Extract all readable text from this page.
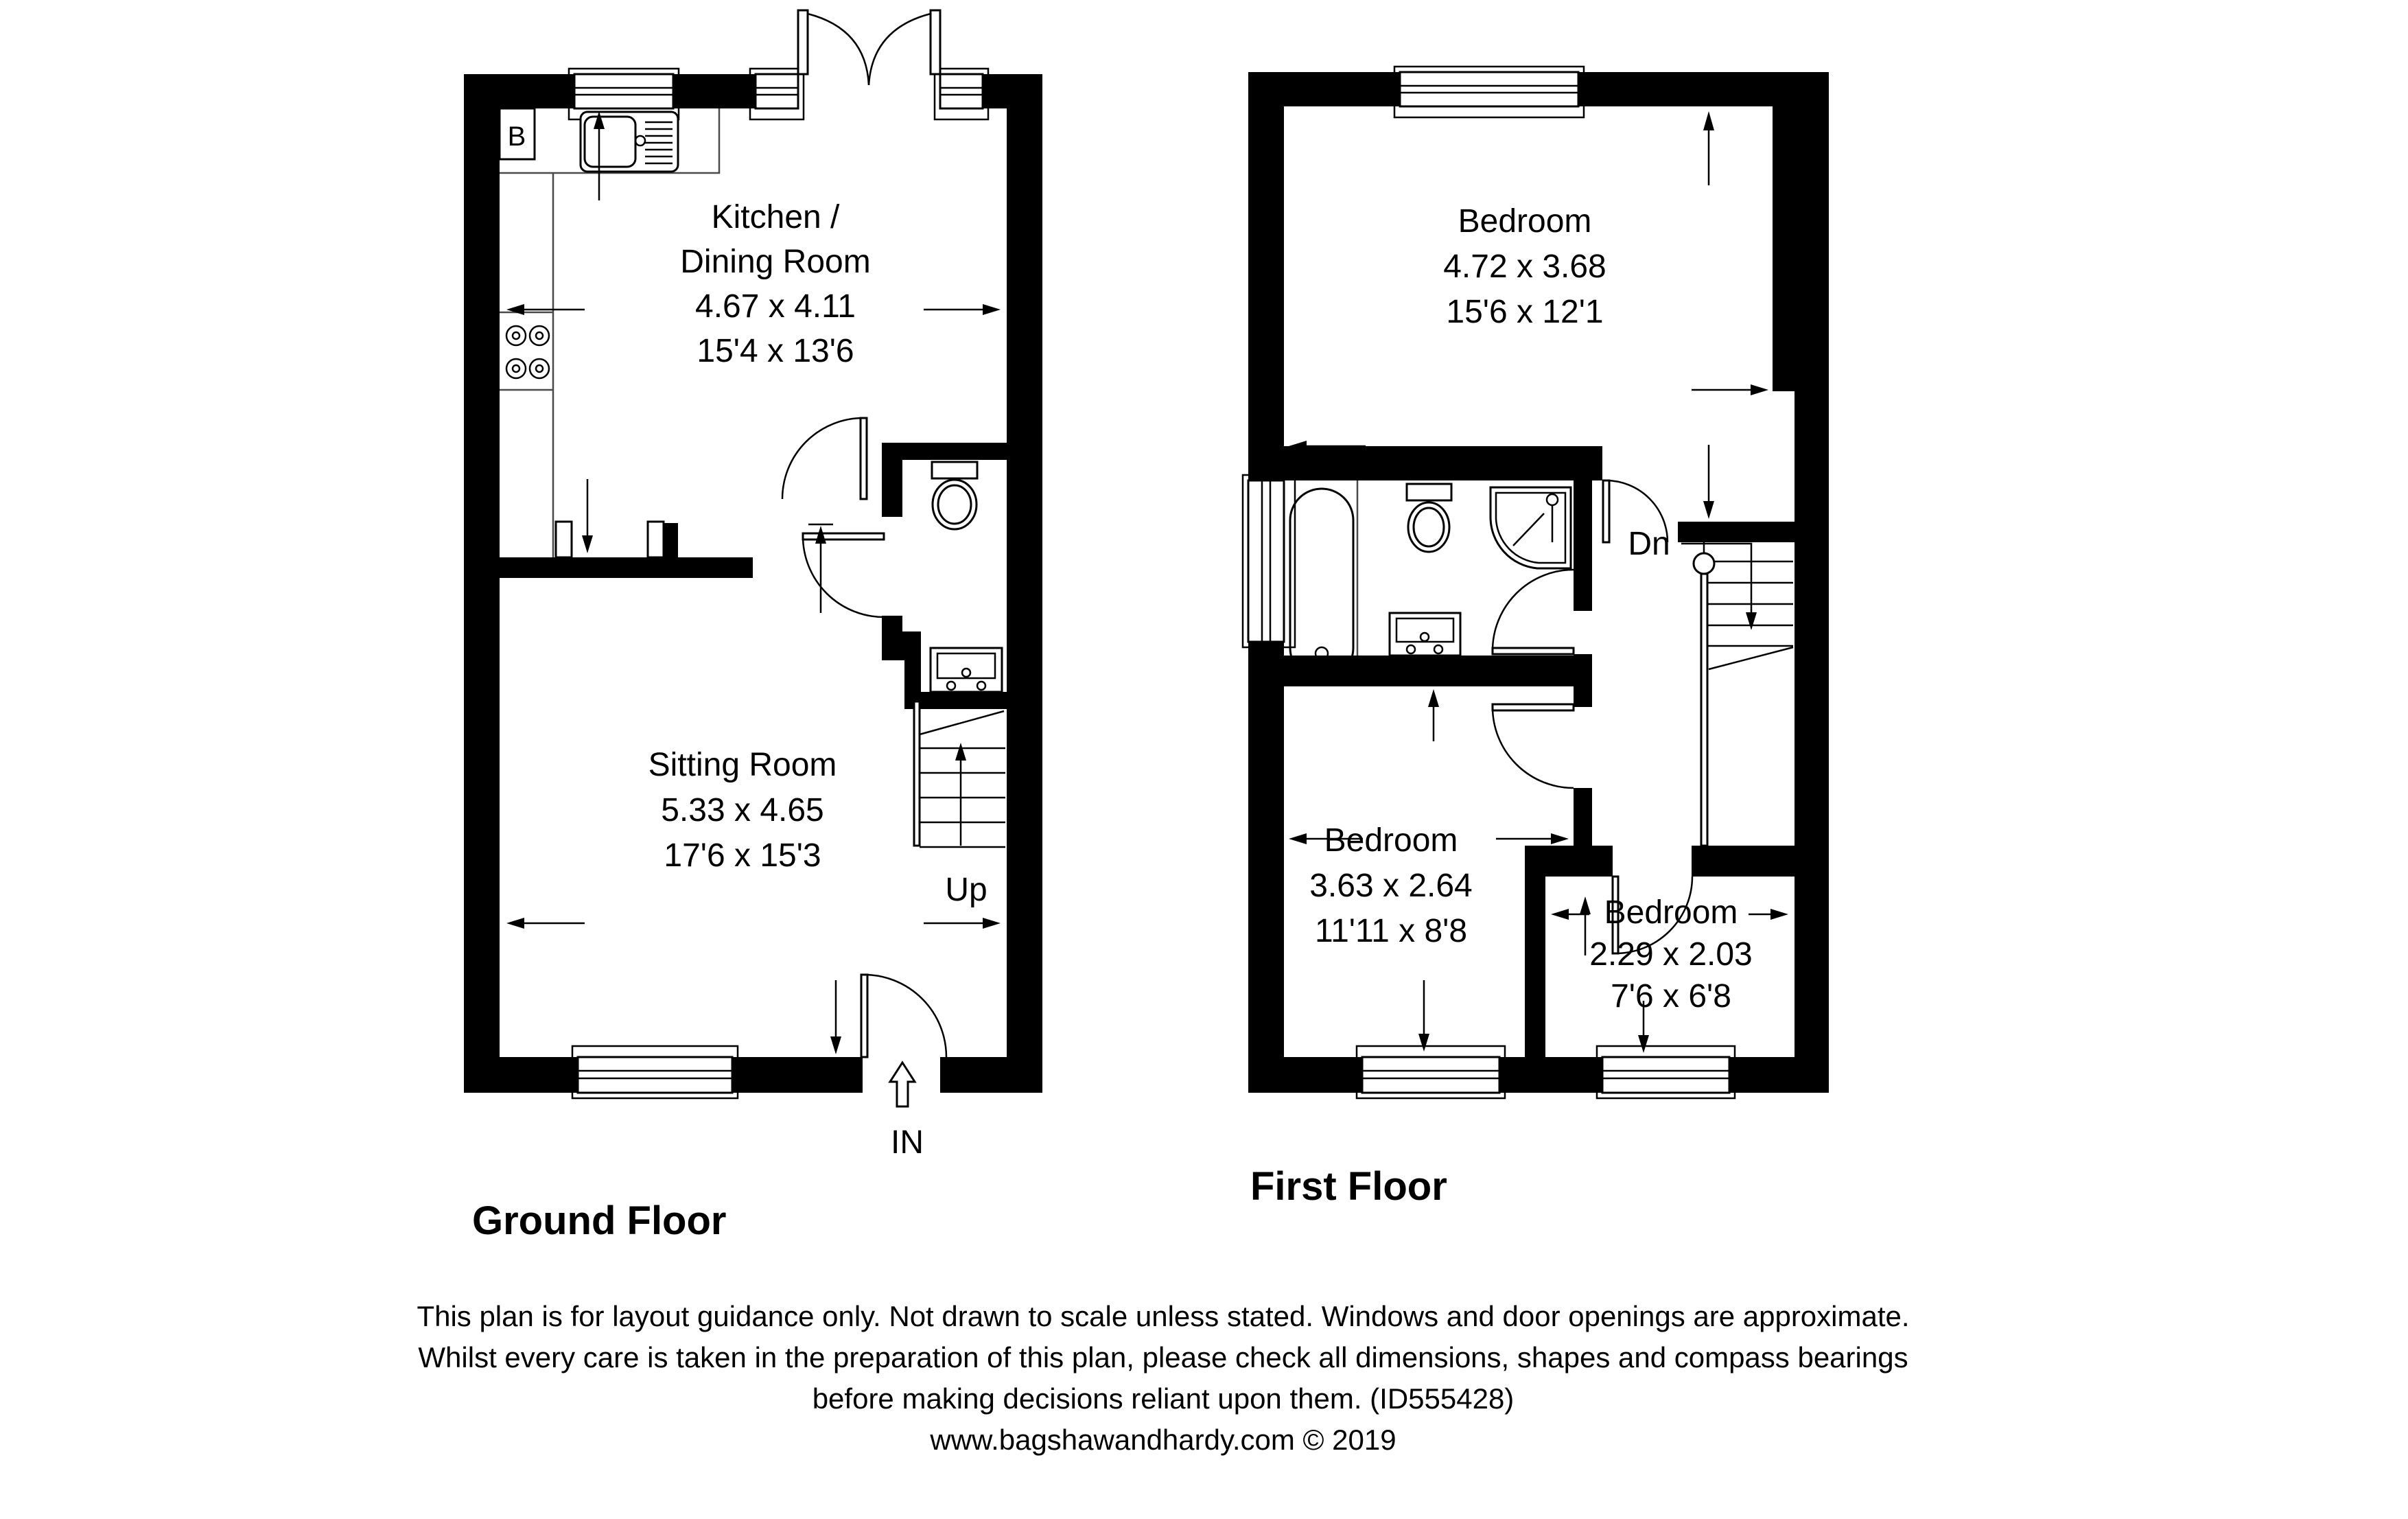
B
Kitchen /
Dining Room
4.67 x 4.11
15'4 x 13'6
Up
Sitting Room
5.33 x 4.65
17'6 x 15'3
IN
Ground Floor
Bedroom
4.72 x 3.68
15'6 x 12'1
Dn
Bedroom
3.63 x 2.64
11'11 x 8'8
Bedroom
2.29 x 2.03
7'6 x 6'8
First Floor
This plan is for layout guidance only. Not drawn to scale unless stated. Windows and door openings are approximate.
Whilst every care is taken in the preparation of this plan, please check all dimensions, shapes and compass bearings
before making decisions reliant upon them. (ID555428)
www.bagshawandhardy.com © 2019
